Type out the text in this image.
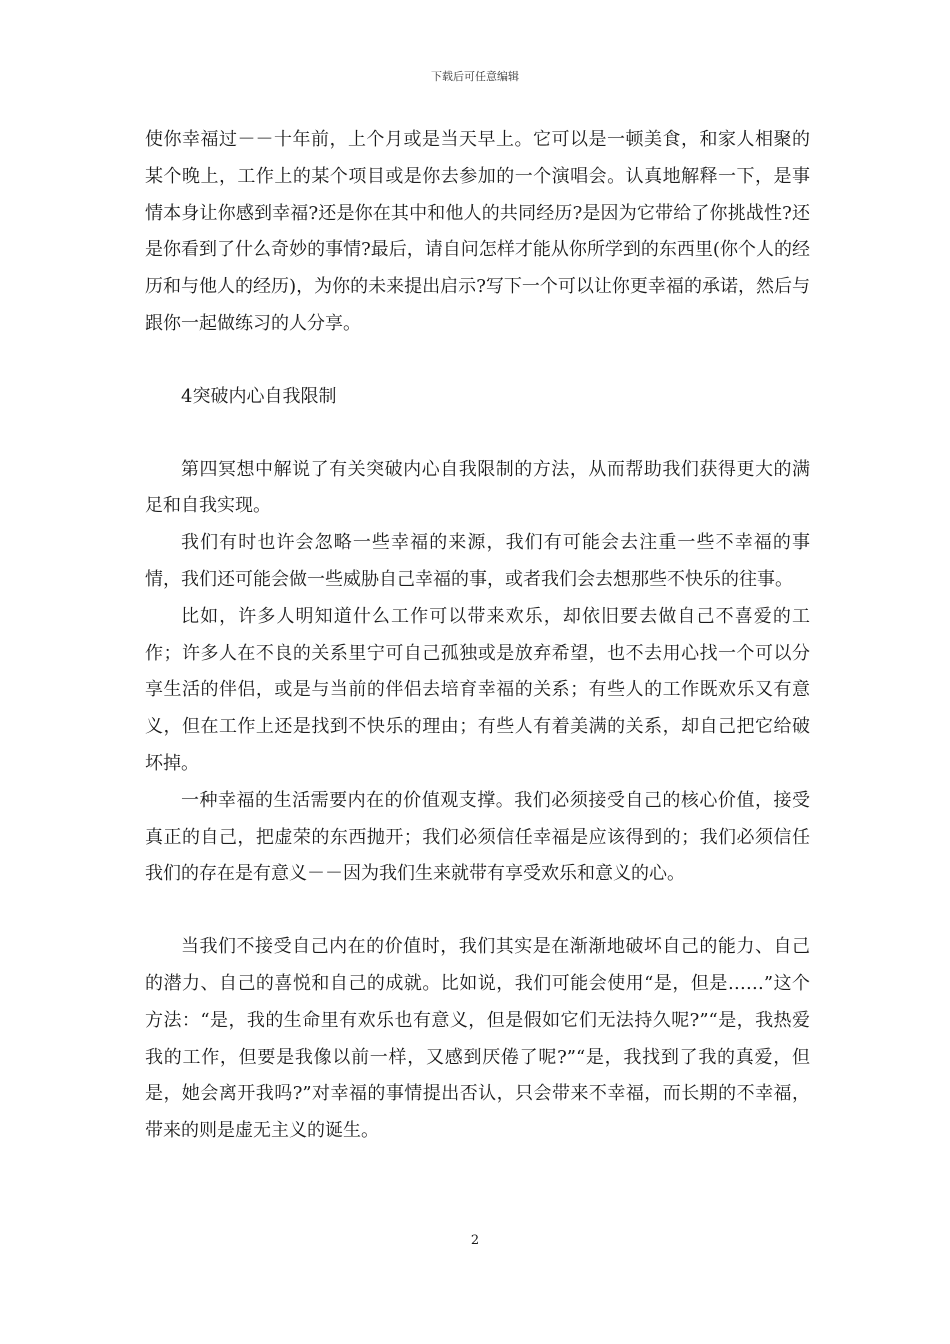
下载后可任意编辑

使你幸福过－－十年前，上个月或是当天早上。它可以是一顿美食，和家人相聚的某个晚上，工作上的某个项目或是你去参加的一个演唱会。认真地解释一下，是事情本身让你感到幸福?还是你在其中和他人的共同经历?是因为它带给了你挑战性?还是你看到了什么奇妙的事情?最后，请自问怎样才能从你所学到的东西里(你个人的经历和与他人的经历)，为你的未来提出启示?写下一个可以让你更幸福的承诺，然后与跟你一起做练习的人分享。

4突破内心自我限制

第四冥想中解说了有关突破内心自我限制的方法，从而帮助我们获得更大的满足和自我实现。

我们有时也许会忽略一些幸福的来源，我们有可能会去注重一些不幸福的事情，我们还可能会做一些威胁自己幸福的事，或者我们会去想那些不快乐的往事。

比如，许多人明知道什么工作可以带来欢乐，却依旧要去做自己不喜爱的工作；许多人在不良的关系里宁可自己孤独或是放弃希望，也不去用心找一个可以分享生活的伴侣，或是与当前的伴侣去培育幸福的关系；有些人的工作既欢乐又有意义，但在工作上还是找到不快乐的理由；有些人有着美满的关系，却自己把它给破坏掉。

一种幸福的生活需要内在的价值观支撑。我们必须接受自己的核心价值，接受真正的自己，把虚荣的东西抛开；我们必须信任幸福是应该得到的；我们必须信任我们的存在是有意义－－因为我们生来就带有享受欢乐和意义的心。

当我们不接受自己内在的价值时，我们其实是在渐渐地破坏自己的能力、自己的潜力、自己的喜悦和自己的成就。比如说，我们可能会使用“是，但是……”这个方法：“是，我的生命里有欢乐也有意义，但是假如它们无法持久呢?”“是，我热爱我的工作，但要是我像以前一样，又感到厌倦了呢?”“是，我找到了我的真爱，但是，她会离开我吗?”对幸福的事情提出否认，只会带来不幸福，而长期的不幸福，带来的则是虚无主义的诞生。

2
